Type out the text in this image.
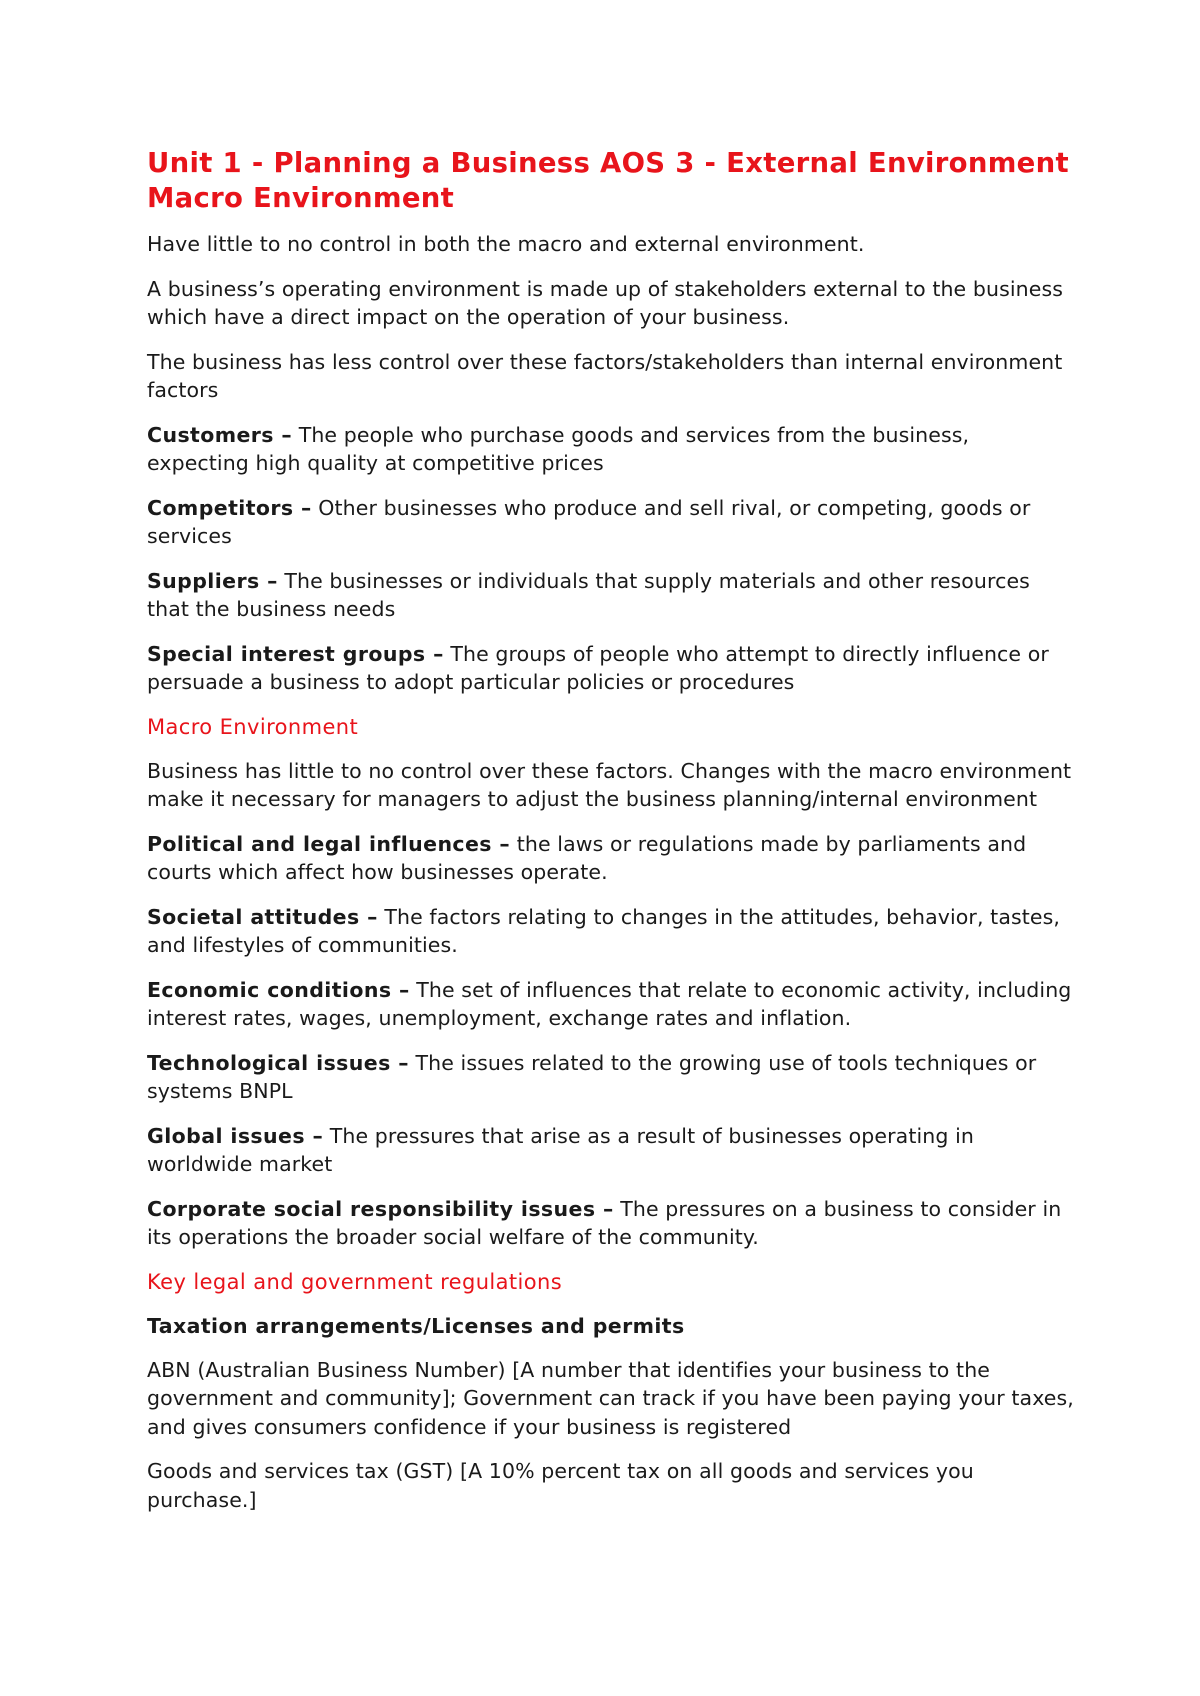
Unit 1 - Planning a Business AOS 3 - External Environment Macro Environment

Have little to no control in both the macro and external environment.

A business’s operating environment is made up of stakeholders external to the business which have a direct impact on the operation of your business.

The business has less control over these factors/stakeholders than internal environment factors

Customers – The people who purchase goods and services from the business, expecting high quality at competitive prices

Competitors – Other businesses who produce and sell rival, or competing, goods or services

Suppliers – The businesses or individuals that supply materials and other resources that the business needs

Special interest groups – The groups of people who attempt to directly influence or persuade a business to adopt particular policies or procedures

Macro Environment

Business has little to no control over these factors. Changes with the macro environment make it necessary for managers to adjust the business planning/internal environment

Political and legal influences – the laws or regulations made by parliaments and courts which affect how businesses operate.

Societal attitudes – The factors relating to changes in the attitudes, behavior, tastes, and lifestyles of communities.

Economic conditions – The set of influences that relate to economic activity, including interest rates, wages, unemployment, exchange rates and inflation.

Technological issues – The issues related to the growing use of tools techniques or systems BNPL

Global issues – The pressures that arise as a result of businesses operating in worldwide market

Corporate social responsibility issues – The pressures on a business to consider in its operations the broader social welfare of the community.

Key legal and government regulations
Taxation arrangements/Licenses and permits

ABN (Australian Business Number) [A number that identifies your business to the government and community]; Government can track if you have been paying your taxes, and gives consumers confidence if your business is registered

Goods and services tax (GST) [A 10% percent tax on all goods and services you purchase.]
